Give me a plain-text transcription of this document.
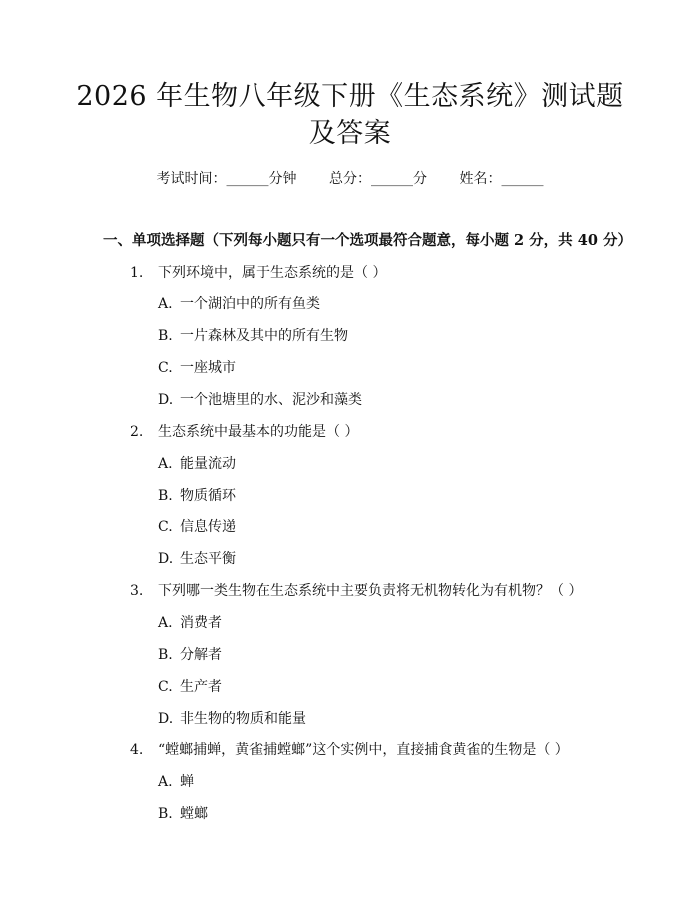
2026 年生物八年级下册《生态系统》测试题
及答案
考试时间：______分钟 总分：______分 姓名：______
一、单项选择题（下列每小题只有一个选项最符合题意，每小题 2 分，共 40 分）
1. 下列环境中，属于生态系统的是（ ）
A. 一个湖泊中的所有鱼类
B. 一片森林及其中的所有生物
C. 一座城市
D. 一个池塘里的水、泥沙和藻类
2. 生态系统中最基本的功能是（ ）
A. 能量流动
B. 物质循环
C. 信息传递
D. 生态平衡
3. 下列哪一类生物在生态系统中主要负责将无机物转化为有机物？（ ）
A. 消费者
B. 分解者
C. 生产者
D. 非生物的物质和能量
4. “螳螂捕蝉，黄雀捕螳螂”这个实例中，直接捕食黄雀的生物是（ ）
A. 蝉
B. 螳螂
